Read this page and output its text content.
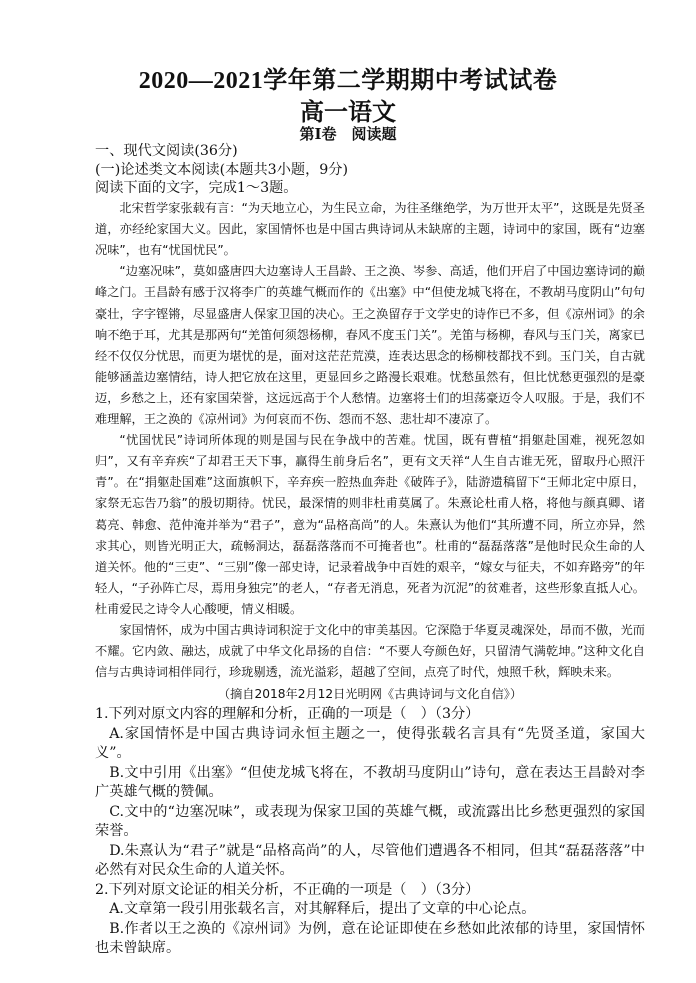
2020—2021学年第二学期期中考试试卷
高一语文
第Ⅰ卷　阅读题

一、现代文阅读(36分)

(一)论述类文本阅读(本题共3小题，9分)

阅读下面的文字，完成1～3题。

北宋哲学家张载有言：“为天地立心，为生民立命，为往圣继绝学，为万世开太平”，这既是先贤圣道，亦经纶家国大义。因此，家国情怀也是中国古典诗词从未缺席的主题，诗词中的家国，既有“边塞况味”，也有“忧国忧民”。

“边塞况味”，莫如盛唐四大边塞诗人王昌龄、王之涣、岑参、高适，他们开启了中国边塞诗词的巅峰之门。王昌龄有感于汉将李广的英雄气概而作的《出塞》中“但使龙城飞将在，不教胡马度阴山”句句豪壮，字字铿锵，尽显盛唐人保家卫国的决心。王之涣留存于文学史的诗作已不多，但《凉州词》的余响不绝于耳，尤其是那两句“羌笛何须怨杨柳，春风不度玉门关”。羌笛与杨柳，春风与玉门关，离家已经不仅仅分忧思，而更为堪忧的是，面对这茫茫荒漠，连表达思念的杨柳枝都找不到。玉门关，自古就能够涵盖边塞情结，诗人把它放在这里，更显回乡之路漫长艰难。忧愁虽然有，但比忧愁更强烈的是豪迈，乡愁之上，还有家国荣誉，这远远高于个人愁情。边塞将士们的坦荡豪迈令人叹服。于是，我们不难理解，王之涣的《凉州词》为何哀而不伤、怨而不怒、悲壮却不凄凉了。

“忧国忧民”诗词所体现的则是国与民在争战中的苦难。忧国，既有曹植“捐躯赴国难，视死忽如归”，又有辛弃疾“了却君王天下事，赢得生前身后名”，更有文天祥“人生自古谁无死，留取丹心照汗青”。在“捐躯赴国难”这面旗帜下，辛弃疾一腔热血奔赴《破阵子》，陆游遗稿留下“王师北定中原日，家祭无忘告乃翁”的殷切期待。忧民，最深情的则非杜甫莫属了。朱熹论杜甫人格，将他与颜真卿、诸葛亮、韩愈、范仲淹并举为“君子”，意为“品格高尚”的人。朱熹认为他们“其所遭不同，所立亦异，然求其心，则皆光明正大，疏畅洞达，磊磊落落而不可掩者也”。杜甫的“磊磊落落”是他时民众生命的人道关怀。他的“三吏”、“三别”像一部史诗，记录着战争中百姓的艰辛，“嫁女与征夫，不如弃路旁”的年轻人，“子孙阵亡尽，焉用身独完”的老人，“存者无消息，死者为沉泥”的贫难者，这些形象直抵人心。杜甫爱民之诗令人心酸哽，情义相暖。

家国情怀，成为中国古典诗词积淀于文化中的审美基因。它深隐于华夏灵魂深处，昂而不傲，光而不耀。它内敛、融达，成就了中华文化昂扬的自信：“不要人夸颜色好，只留清气满乾坤。”这种文化自信与古典诗词相伴同行，珍珑剔透，流光溢彩，超越了空间，点亮了时代，烛照千秋，辉映未来。

（摘自2018年2月12日光明网《古典诗词与文化自信》）

1.下列对原文内容的理解和分析，正确的一项是（　）（3分）

A.家国情怀是中国古典诗词永恒主题之一，使得张载名言具有“先贤圣道，家国大义”。

B.文中引用《出塞》“但使龙城飞将在，不教胡马度阴山”诗句，意在表达王昌龄对李广英雄气概的赞佩。

C.文中的“边塞况味”，或表现为保家卫国的英雄气概，或流露出比乡愁更强烈的家国荣誉。

D.朱熹认为“君子”就是“品格高尚”的人，尽管他们遭遇各不相同，但其“磊磊落落”中必然有对民众生命的人道关怀。

2.下列对原文论证的相关分析，不正确的一项是（　）（3分）

A.文章第一段引用张载名言，对其解释后，提出了文章的中心论点。

B.作者以王之涣的《凉州词》为例，意在论证即使在乡愁如此浓郁的诗里，家国情怀也未曾缺席。
